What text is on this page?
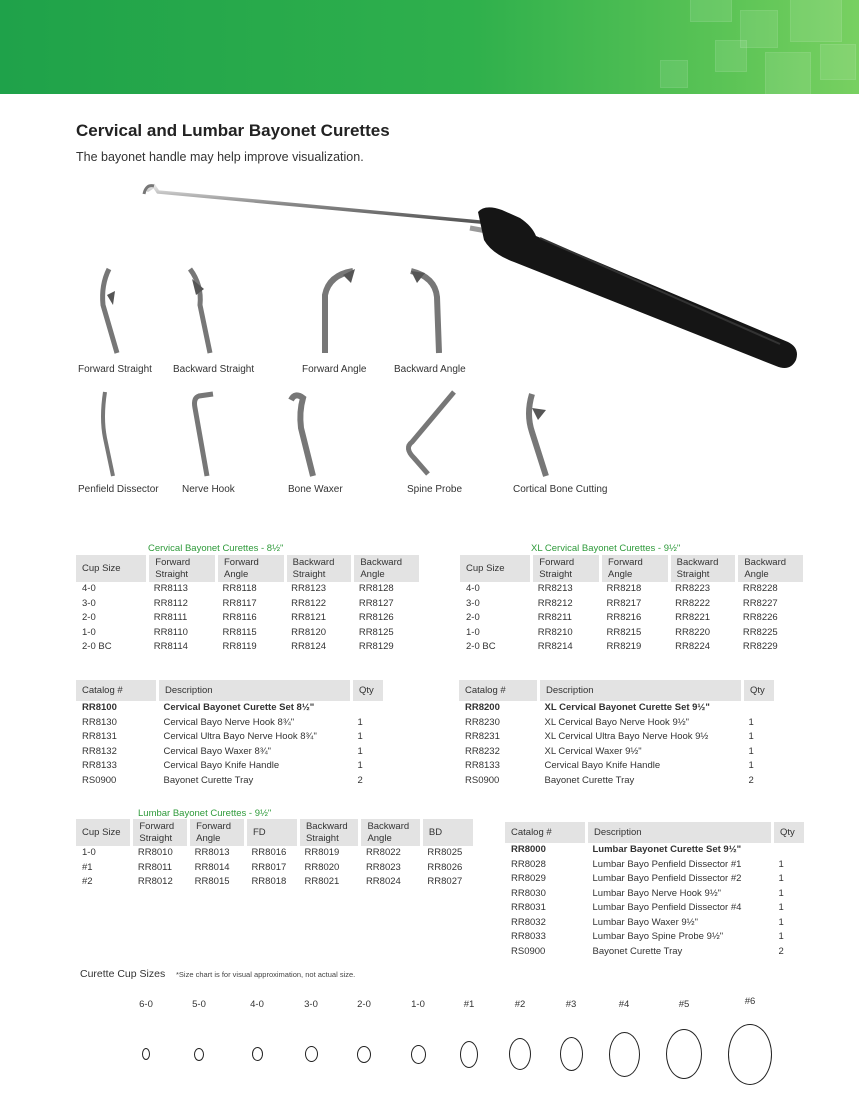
Cervical and Lumbar Bayonet Curettes

The bayonet handle may help improve visualization.

Forward Straight Backward Straight	Forward Angle	Backward Angle
Penfield Dissector Nerve Hook	Bone Waxer	Spine Probe	Cortical Bone Cutting
Cervical Bayonet Curettes - 8½"
Cup Size	Forward Straight	Forward Angle	Backward Straight	Backward Angle
4-0	RR8113	RR8118	RR8123	RR8128
3-0	RR8112	RR8117	RR8122	RR8127
2-0	RR8111	RR8116	RR8121	RR8126
1-0	RR8110	RR8115	RR8120	RR8125
2-0 BC	RR8114	RR8119	RR8124	RR8129
XL Cervical Bayonet Curettes - 9½"
Cup Size	Forward Straight	Forward Angle	Backward Straight	Backward Angle
4-0	RR8213	RR8218	RR8223	RR8228
3-0	RR8212	RR8217	RR8222	RR8227
2-0	RR8211	RR8216	RR8221	RR8226
1-0	RR8210	RR8215	RR8220	RR8225
2-0 BC	RR8214	RR8219	RR8224	RR8229
Catalog #	Description	Qty
RR8100	Cervical Bayonet Curette Set 8½"	
RR8130	Cervical Bayo Nerve Hook 8¾"	1
RR8131	Cervical Ultra Bayo Nerve Hook 8¾"	1
RR8132	Cervical Bayo Waxer 8¾"	1
RR8133	Cervical Bayo Knife Handle	1
RS0900	Bayonet Curette Tray	2
Catalog #	Description	Qty
RR8200	XL Cervical Bayonet Curette Set 9½"	
RR8230	XL Cervical Bayo Nerve Hook 9½"	1
RR8231	XL Cervical Ultra Bayo Nerve Hook 9½	1
RR8232	XL Cervical Waxer 9½"	1
RR8133	Cervical Bayo Knife Handle	1
RS0900	Bayonet Curette Tray	2
Lumbar Bayonet Curettes - 9½"
Cup Size	Forward Straight	Forward Angle	FD	Backward Straight	Backward Angle	BD
1-0	RR8010	RR8013	RR8016	RR8019	RR8022	RR8025
#1	RR8011	RR8014	RR8017	RR8020	RR8023	RR8026
#2	RR8012	RR8015	RR8018	RR8021	RR8024	RR8027
Catalog #	Description	Qty
RR8000	Lumbar Bayonet Curette Set 9½"	
RR8028	Lumbar Bayo Penfield Dissector #1	1
RR8029	Lumbar Bayo Penfield Dissector #2	1
RR8030	Lumbar Bayo Nerve Hook 9½"	1
RR8031	Lumbar Bayo Penfield Dissector #4	1
RR8032	Lumbar Bayo Waxer 9½"	1
RR8033	Lumbar Bayo Spine Probe 9½"	1
RS0900	Bayonet Curette Tray	2
Curette Cup Sizes *Size chart is for visual approximation, not actual size.
6-0	5-0	4-0	3-0	2-0	1-0	#1	#2	#3	#4	#5	#6
